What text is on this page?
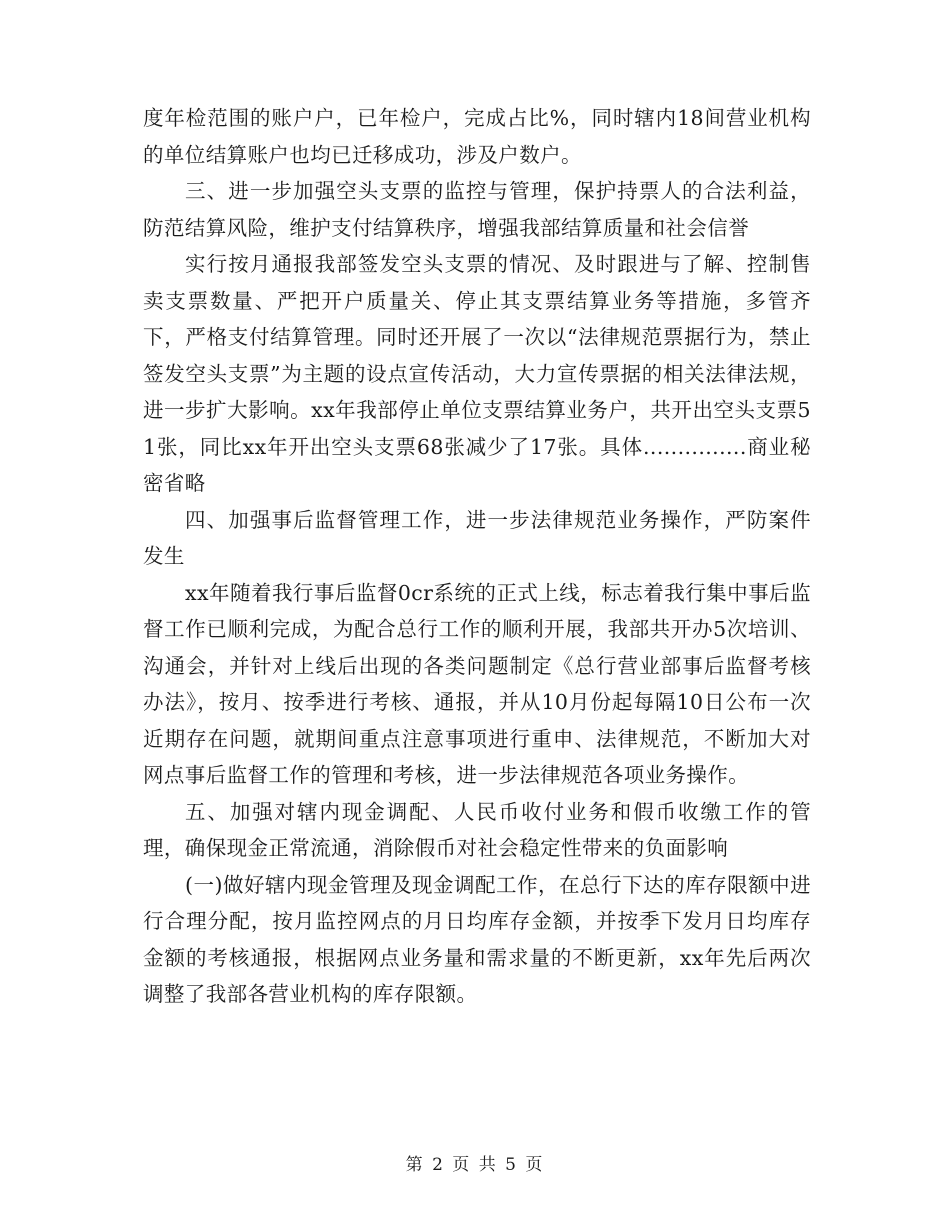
度年检范围的账户户，已年检户，完成占比%，同时辖内18间营业机构的单位结算账户也均已迁移成功，涉及户数户。

三、进一步加强空头支票的监控与管理，保护持票人的合法利益，防范结算风险，维护支付结算秩序，增强我部结算质量和社会信誉

实行按月通报我部签发空头支票的情况、及时跟进与了解、控制售卖支票数量、严把开户质量关、停止其支票结算业务等措施，多管齐下，严格支付结算管理。同时还开展了一次以“法律规范票据行为，禁止签发空头支票”为主题的设点宣传活动，大力宣传票据的相关法律法规，进一步扩大影响。xx年我部停止单位支票结算业务户，共开出空头支票51张，同比xx年开出空头支票68张减少了17张。具体...............商业秘密省略

四、加强事后监督管理工作，进一步法律规范业务操作，严防案件发生

xx年随着我行事后监督0cr系统的正式上线，标志着我行集中事后监督工作已顺利完成，为配合总行工作的顺利开展，我部共开办5次培训、沟通会，并针对上线后出现的各类问题制定《总行营业部事后监督考核办法》，按月、按季进行考核、通报，并从10月份起每隔10日公布一次近期存在问题，就期间重点注意事项进行重申、法律规范，不断加大对网点事后监督工作的管理和考核，进一步法律规范各项业务操作。

五、加强对辖内现金调配、人民币收付业务和假币收缴工作的管理，确保现金正常流通，消除假币对社会稳定性带来的负面影响

(一)做好辖内现金管理及现金调配工作，在总行下达的库存限额中进行合理分配，按月监控网点的月日均库存金额，并按季下发月日均库存金额的考核通报，根据网点业务量和需求量的不断更新，xx年先后两次调整了我部各营业机构的库存限额。

第 2 页 共 5 页
